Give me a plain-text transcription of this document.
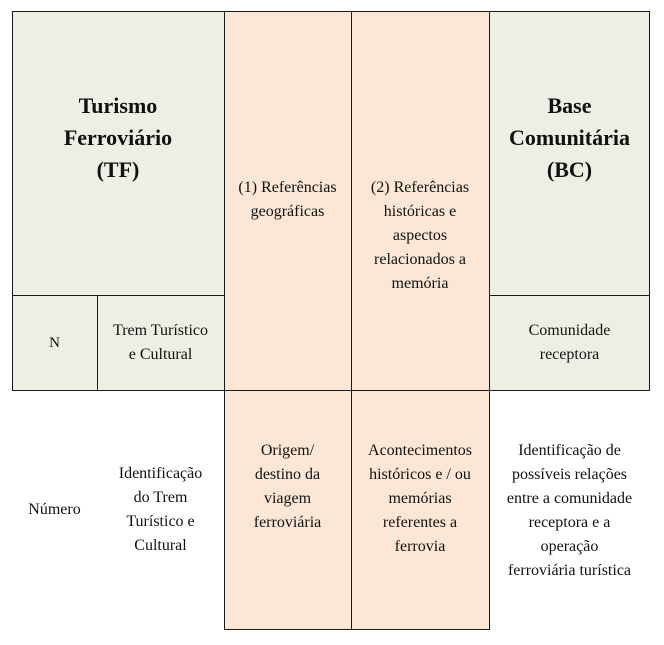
Turismo
Ferroviário
(TF)
Base
Comunitária
(BC)
(1) Referências
geográficas
(2) Referências
históricas e
aspectos
relacionados a
memória
N
Trem Turístico
e Cultural
Comunidade
receptora
Número
Identificação
do Trem
Turístico e
Cultural
Origem/
destino da
viagem
ferroviária
Acontecimentos
históricos e / ou
memórias
referentes a
ferrovia
Identificação de
possíveis relações
entre a comunidade
receptora e a
operação
ferroviária turística
